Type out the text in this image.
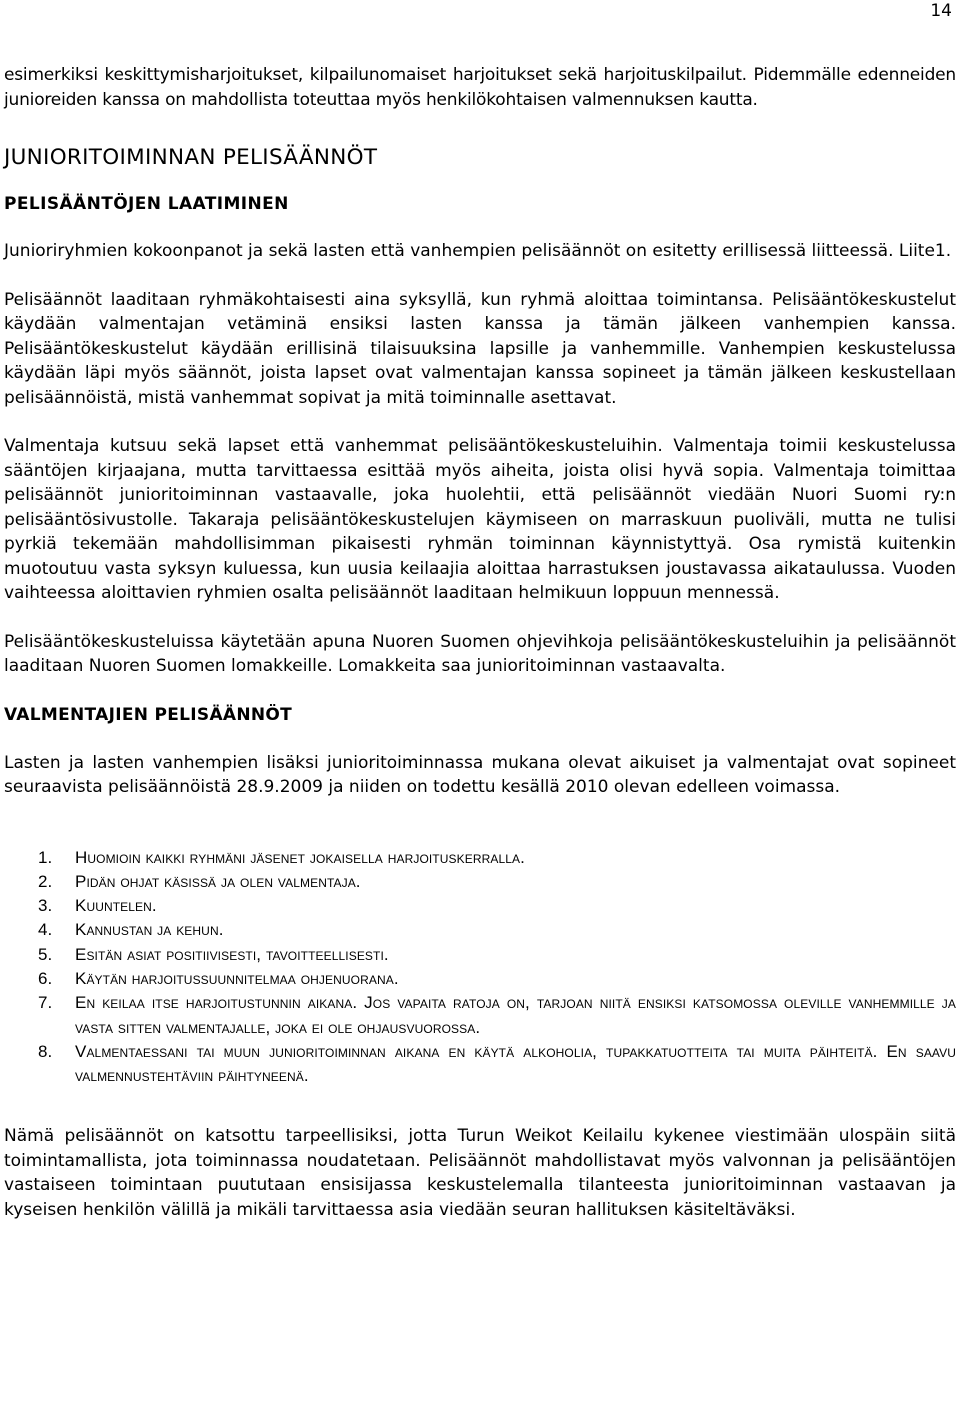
14

esimerkiksi keskittymisharjoitukset, kilpailunomaiset harjoitukset sekä harjoituskilpailut. Pidemmälle edenneiden junioreiden kanssa on mahdollista toteuttaa myös henkilökohtaisen valmennuksen kautta.

JUNIORITOIMINNAN PELISÄÄNNÖT
PELISÄÄNTÖJEN LAATIMINEN

Junioriryhmien kokoonpanot ja sekä lasten että vanhempien pelisäännöt on esitetty erillisessä liitteessä. Liite1.

Pelisäännöt laaditaan ryhmäkohtaisesti aina syksyllä, kun ryhmä aloittaa toimintansa. Pelisääntökeskustelut käydään valmentajan vetäminä ensiksi lasten kanssa ja tämän jälkeen vanhempien kanssa. Pelisääntökeskustelut käydään erillisinä tilaisuuksina lapsille ja vanhemmille. Vanhempien keskustelussa käydään läpi myös säännöt, joista lapset ovat valmentajan kanssa sopineet ja tämän jälkeen keskustellaan pelisäännöistä, mistä vanhemmat sopivat ja mitä toiminnalle asettavat.

Valmentaja kutsuu sekä lapset että vanhemmat pelisääntökeskusteluihin. Valmentaja toimii keskustelussa sääntöjen kirjaajana, mutta tarvittaessa esittää myös aiheita, joista olisi hyvä sopia. Valmentaja toimittaa pelisäännöt junioritoiminnan vastaavalle, joka huolehtii, että pelisäännöt viedään Nuori Suomi ry:n pelisääntösivustolle. Takaraja pelisääntökeskustelujen käymiseen on marraskuun puoliväli, mutta ne tulisi pyrkiä tekemään mahdollisimman pikaisesti ryhmän toiminnan käynnistyttyä. Osa rymistä kuitenkin muotoutuu vasta syksyn kuluessa, kun uusia keilaajia aloittaa harrastuksen joustavassa aikataulussa. Vuoden vaihteessa aloittavien ryhmien osalta pelisäännöt laaditaan helmikuun loppuun mennessä.

Pelisääntökeskusteluissa käytetään apuna Nuoren Suomen ohjevihkoja pelisääntökeskusteluihin ja pelisäännöt laaditaan Nuoren Suomen lomakkeille. Lomakkeita saa junioritoiminnan vastaavalta.

VALMENTAJIEN PELISÄÄNNÖT

Lasten ja lasten vanhempien lisäksi junioritoiminnassa mukana olevat aikuiset ja valmentajat ovat sopineet seuraavista pelisäännöistä 28.9.2009 ja niiden on todettu kesällä 2010 olevan edelleen voimassa.

1. Huomioin kaikki ryhmäni jäsenet jokaisella harjoituskerralla.
2. Pidän ohjat käsissä ja olen valmentaja.
3. Kuuntelen.
4. Kannustan ja kehun.
5. Esitän asiat positiivisesti, tavoitteellisesti.
6. Käytän harjoitussuunnitelmaa ohjenuorana.
7. En keilaa itse harjoitustunnin aikana. Jos vapaita ratoja on, tarjoan niitä ensiksi katsomossa oleville vanhemmille ja vasta sitten valmentajalle, joka ei ole ohjausvuorossa.
8. Valmentaessani tai muun junioritoiminnan aikana en käytä alkoholia, tupakkatuotteita tai muita päihteitä. En saavu valmennustehtäviin päihtyneenä.

Nämä pelisäännöt on katsottu tarpeellisiksi, jotta Turun Weikot Keilailu kykenee viestimään ulospäin siitä toimintamallista, jota toiminnassa noudatetaan. Pelisäännöt mahdollistavat myös valvonnan ja pelisääntöjen vastaiseen toimintaan puututaan ensisijassa keskustelemalla tilanteesta junioritoiminnan vastaavan ja kyseisen henkilön välillä ja mikäli tarvittaessa asia viedään seuran hallituksen käsiteltäväksi.
